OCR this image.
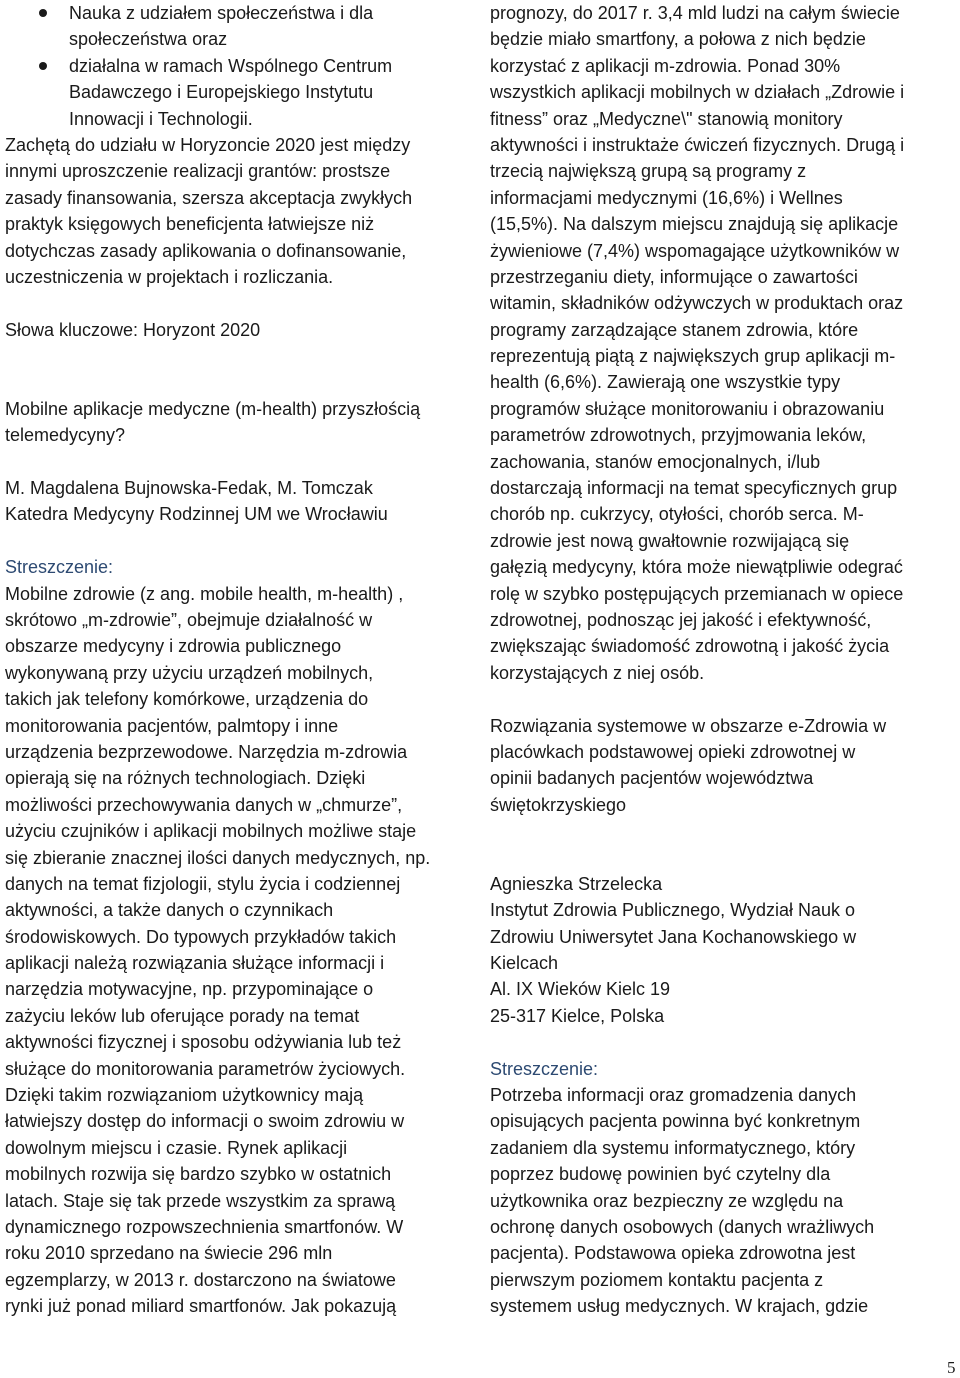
Nauka z udziałem społeczeństwa i dla
społeczeństwa oraz
działalna w ramach Wspólnego Centrum
Badawczego i Europejskiego Instytutu
Innowacji i Technologii.
Zachętą do udziału w Horyzoncie 2020 jest między
innymi uproszczenie realizacji grantów: prostsze
zasady finansowania, szersza akceptacja zwykłych
praktyk księgowych beneficjenta łatwiejsze niż
dotychczas zasady aplikowania o dofinansowanie,
uczestniczenia w projektach i rozliczania.
Słowa kluczowe: Horyzont 2020
Mobilne aplikacje medyczne (m-health) przyszłością
telemedycyny?
M. Magdalena Bujnowska-Fedak, M. Tomczak
Katedra Medycyny Rodzinnej UM we Wrocławiu
Streszczenie:
Mobilne zdrowie (z ang. mobile health, m-health) ,
skrótowo „m-zdrowie”, obejmuje działalność w
obszarze medycyny i zdrowia publicznego
wykonywaną przy użyciu urządzeń mobilnych,
takich jak telefony komórkowe, urządzenia do
monitorowania pacjentów, palmtopy i inne
urządzenia bezprzewodowe. Narzędzia m-zdrowia
opierają się na różnych technologiach. Dzięki
możliwości przechowywania danych w „chmurze”,
użyciu czujników i aplikacji mobilnych możliwe staje
się zbieranie znacznej ilości danych medycznych, np.
danych na temat fizjologii, stylu życia i codziennej
aktywności, a także danych o czynnikach
środowiskowych. Do typowych przykładów takich
aplikacji należą rozwiązania służące informacji i
narzędzia motywacyjne, np. przypominające o
zażyciu leków lub oferujące porady na temat
aktywności fizycznej i sposobu odżywiania lub też
służące do monitorowania parametrów życiowych.
Dzięki takim rozwiązaniom użytkownicy mają
łatwiejszy dostęp do informacji o swoim zdrowiu w
dowolnym miejscu i czasie. Rynek aplikacji
mobilnych rozwija się bardzo szybko w ostatnich
latach. Staje się tak przede wszystkim za sprawą
dynamicznego rozpowszechnienia smartfonów. W
roku 2010 sprzedano na świecie 296 mln
egzemplarzy, w 2013 r. dostarczono na światowe
rynki już ponad miliard smartfonów. Jak pokazują
prognozy, do 2017 r. 3,4 mld ludzi na całym świecie
będzie miało smartfony, a połowa z nich będzie
korzystać z aplikacji m-zdrowia. Ponad 30%
wszystkich aplikacji mobilnych w działach „Zdrowie i
fitness” oraz „Medyczne\" stanowią monitory
aktywności i instruktaże ćwiczeń fizycznych. Drugą i
trzecią największą grupą są programy z
informacjami medycznymi (16,6%) i Wellnes
(15,5%). Na dalszym miejscu znajdują się aplikacje
żywieniowe (7,4%) wspomagające użytkowników w
przestrzeganiu diety, informujące o zawartości
witamin, składników odżywczych w produktach oraz
programy zarządzające stanem zdrowia, które
reprezentują piątą z największych grup aplikacji m-
health (6,6%). Zawierają one wszystkie typy
programów służące monitorowaniu i obrazowaniu
parametrów zdrowotnych, przyjmowania leków,
zachowania, stanów emocjonalnych, i/lub
dostarczają informacji na temat specyficznych grup
chorób np. cukrzycy, otyłości, chorób serca. M-
zdrowie jest nową gwałtownie rozwijającą się
gałęzią medycyny, która może niewątpliwie odegrać
rolę w szybko postępujących przemianach w opiece
zdrowotnej, podnosząc jej jakość i efektywność,
zwiększając świadomość zdrowotną i jakość życia
korzystających z niej osób.
Rozwiązania systemowe w obszarze e-Zdrowia w
placówkach podstawowej opieki zdrowotnej w
opinii badanych pacjentów województwa
świętokrzyskiego
Agnieszka Strzelecka
Instytut Zdrowia Publicznego, Wydział Nauk o
Zdrowiu Uniwersytet Jana Kochanowskiego w
Kielcach
Al. IX Wieków Kielc 19
25-317 Kielce, Polska
Streszczenie:
Potrzeba informacji oraz gromadzenia danych
opisujących pacjenta powinna być konkretnym
zadaniem dla systemu informatycznego, który
poprzez budowę powinien być czytelny dla
użytkownika oraz bezpieczny ze względu na
ochronę danych osobowych (danych wrażliwych
pacjenta). Podstawowa opieka zdrowotna jest
pierwszym poziomem kontaktu pacjenta z
systemem usług medycznych. W krajach, gdzie
5
